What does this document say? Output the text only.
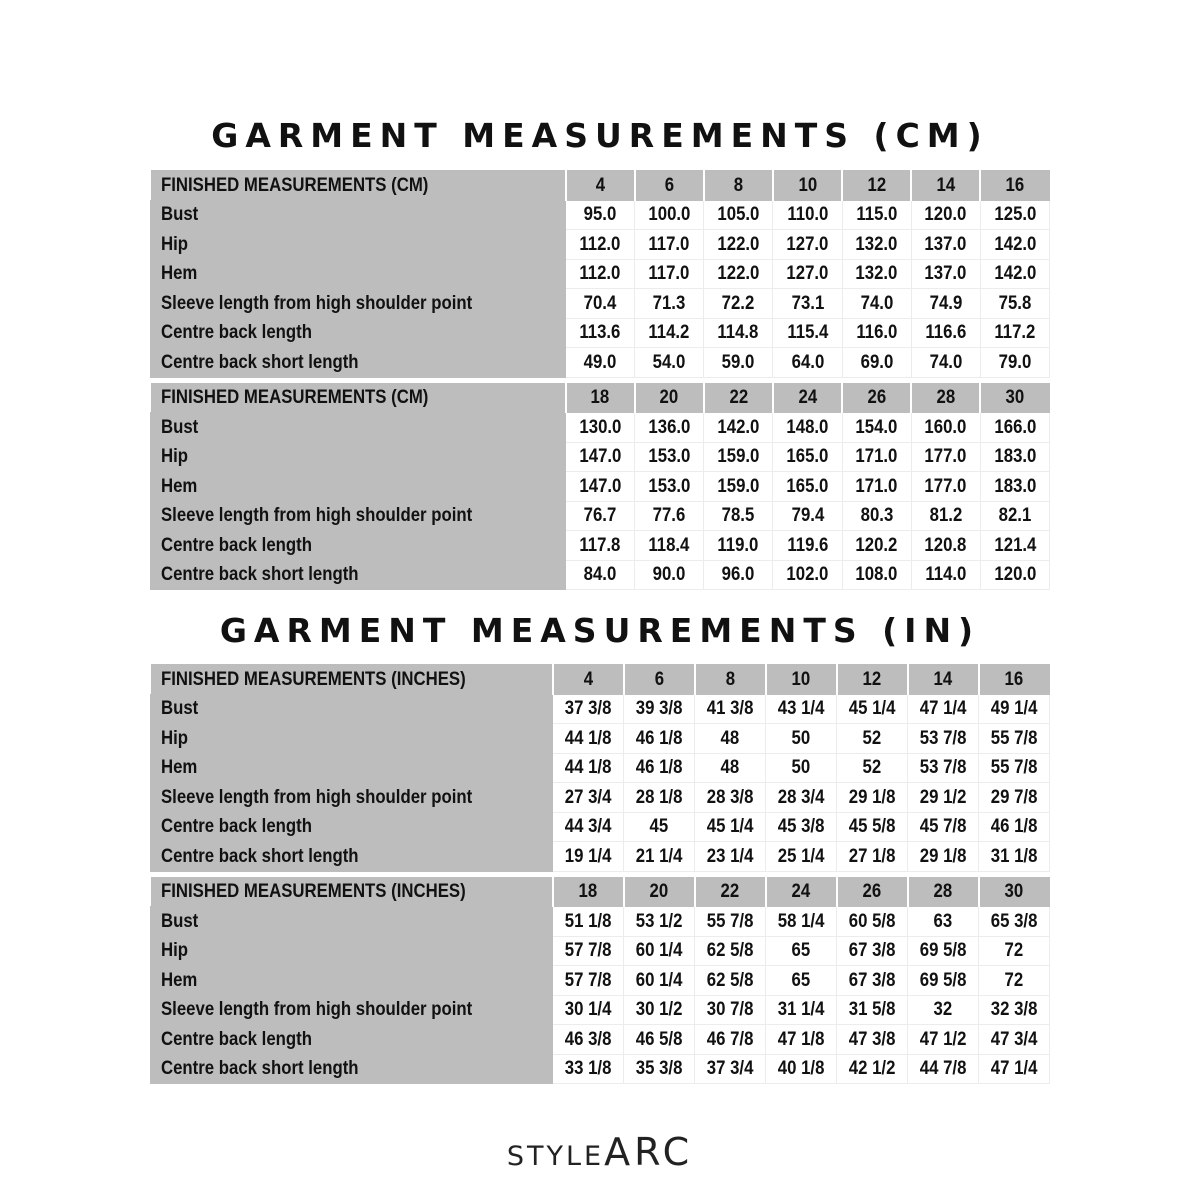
GARMENT MEASUREMENTS (CM)
FINISHED MEASUREMENTS (CM)	4	6	8	10	12	14	16
Bust	95.0	100.0	105.0	110.0	115.0	120.0	125.0
Hip	112.0	117.0	122.0	127.0	132.0	137.0	142.0
Hem	112.0	117.0	122.0	127.0	132.0	137.0	142.0
Sleeve length from high shoulder point	70.4	71.3	72.2	73.1	74.0	74.9	75.8
Centre back length	113.6	114.2	114.8	115.4	116.0	116.6	117.2
Centre back short length	49.0	54.0	59.0	64.0	69.0	74.0	79.0

FINISHED MEASUREMENTS (CM)	18	20	22	24	26	28	30
Bust	130.0	136.0	142.0	148.0	154.0	160.0	166.0
Hip	147.0	153.0	159.0	165.0	171.0	177.0	183.0
Hem	147.0	153.0	159.0	165.0	171.0	177.0	183.0
Sleeve length from high shoulder point	76.7	77.6	78.5	79.4	80.3	81.2	82.1
Centre back length	117.8	118.4	119.0	119.6	120.2	120.8	121.4
Centre back short length	84.0	90.0	96.0	102.0	108.0	114.0	120.0
GARMENT MEASUREMENTS (IN)
FINISHED MEASUREMENTS (INCHES)	4	6	8	10	12	14	16
Bust	37 3/8	39 3/8	41 3/8	43 1/4	45 1/4	47 1/4	49 1/4
Hip	44 1/8	46 1/8	48	50	52	53 7/8	55 7/8
Hem	44 1/8	46 1/8	48	50	52	53 7/8	55 7/8
Sleeve length from high shoulder point	27 3/4	28 1/8	28 3/8	28 3/4	29 1/8	29 1/2	29 7/8
Centre back length	44 3/4	45	45 1/4	45 3/8	45 5/8	45 7/8	46 1/8
Centre back short length	19 1/4	21 1/4	23 1/4	25 1/4	27 1/8	29 1/8	31 1/8

FINISHED MEASUREMENTS (INCHES)	18	20	22	24	26	28	30
Bust	51 1/8	53 1/2	55 7/8	58 1/4	60 5/8	63	65 3/8
Hip	57 7/8	60 1/4	62 5/8	65	67 3/8	69 5/8	72
Hem	57 7/8	60 1/4	62 5/8	65	67 3/8	69 5/8	72
Sleeve length from high shoulder point	30 1/4	30 1/2	30 7/8	31 1/4	31 5/8	32	32 3/8
Centre back length	46 3/8	46 5/8	46 7/8	47 1/8	47 3/8	47 1/2	47 3/4
Centre back short length	33 1/8	35 3/8	37 3/4	40 1/8	42 1/2	44 7/8	47 1/4
STYLEARC
